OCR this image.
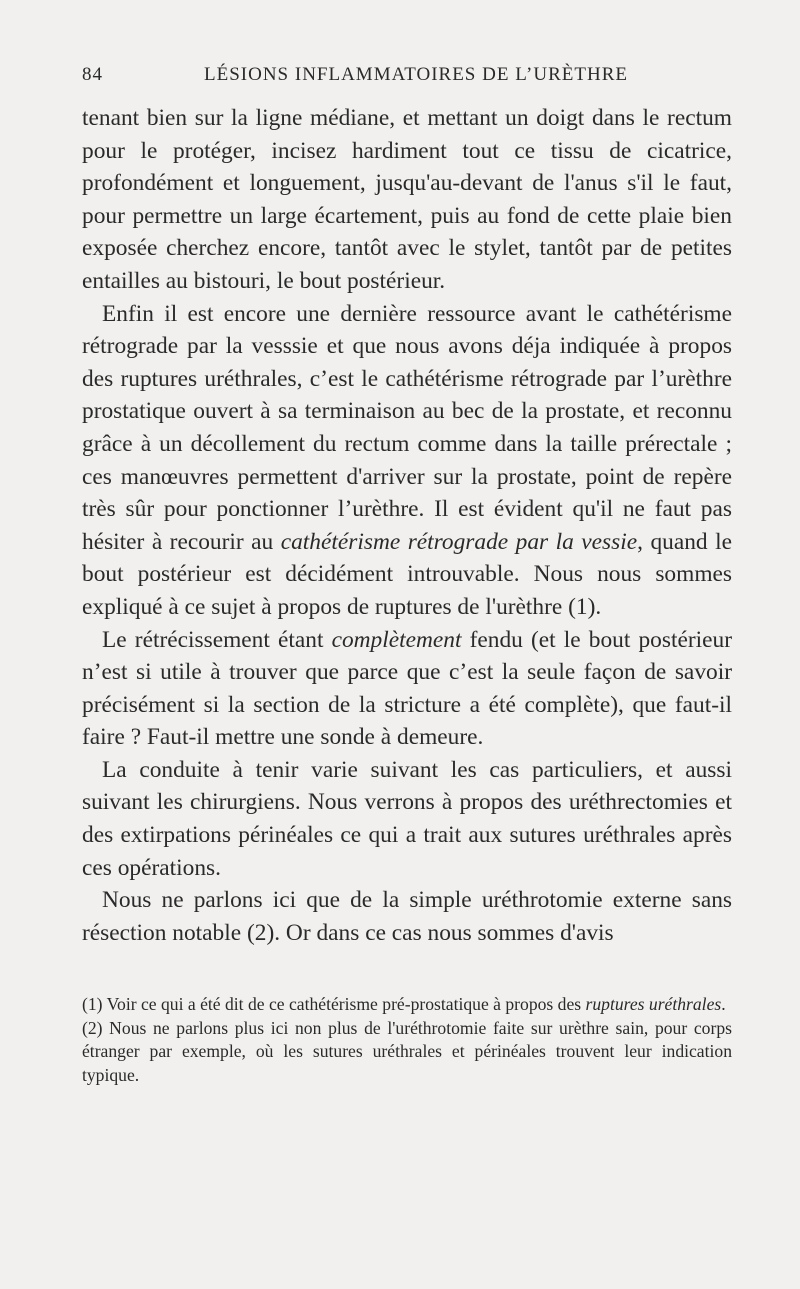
84	LÉSIONS INFLAMMATOIRES DE L’URÈTHRE

tenant bien sur la ligne médiane, et mettant un doigt dans le rectum pour le protéger, incisez hardiment tout ce tissu de cicatrice, profondément et longuement, jusqu'au-devant de l'anus s'il le faut, pour permettre un large écartement, puis au fond de cette plaie bien exposée cherchez encore, tantôt avec le stylet, tantôt par de petites entailles au bistouri, le bout postérieur.

Enfin il est encore une dernière ressource avant le cathétérisme rétrograde par la vesssie et que nous avons déja indiquée à propos des ruptures uréthrales, c’est le cathétérisme rétrograde par l’urèthre prostatique ouvert à sa terminaison au bec de la prostate, et reconnu grâce à un décollement du rectum comme dans la taille prérectale ; ces manœuvres permettent d'arriver sur la prostate, point de repère très sûr pour ponctionner l’urèthre. Il est évident qu'il ne faut pas hésiter à recourir au cathétérisme rétrograde par la vessie, quand le bout postérieur est décidément introuvable. Nous nous sommes expliqué à ce sujet à propos de ruptures de l'urèthre (1).

Le rétrécissement étant complètement fendu (et le bout postérieur n’est si utile à trouver que parce que c’est la seule façon de savoir précisément si la section de la stricture a été complète), que faut-il faire ? Faut-il mettre une sonde à demeure.

La conduite à tenir varie suivant les cas particuliers, et aussi suivant les chirurgiens. Nous verrons à propos des uréthrectomies et des extirpations périnéales ce qui a trait aux sutures uréthrales après ces opérations.

Nous ne parlons ici que de la simple uréthrotomie externe sans résection notable (2). Or dans ce cas nous sommes d'avis

(1) Voir ce qui a été dit de ce cathétérisme pré-prostatique à propos des ruptures uréthrales.

(2) Nous ne parlons plus ici non plus de l'uréthrotomie faite sur urèthre sain, pour corps étranger par exemple, où les sutures uréthrales et périnéales trouvent leur indication typique.
